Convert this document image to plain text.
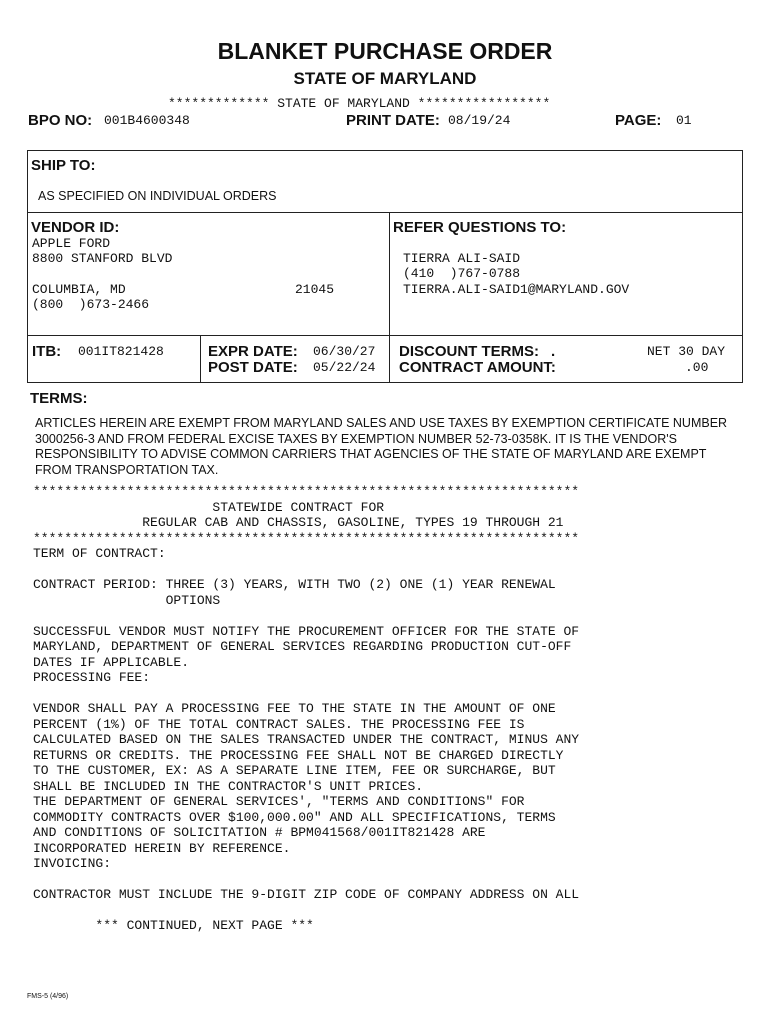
BLANKET PURCHASE ORDER
STATE OF MARYLAND
************* STATE OF MARYLAND *****************
BPO NO: 001B4600348	PRINT DATE: 08/19/24	PAGE: 01
SHIP TO:
AS SPECIFIED ON INDIVIDUAL ORDERS
VENDOR ID:
APPLE FORD
8800 STANFORD BLVD
COLUMBIA, MD	21045
(800  )673-2466
REFER QUESTIONS TO:
TIERRA ALI-SAID
(410  )767-0788
TIERRA.ALI-SAID1@MARYLAND.GOV
ITB: 001IT821428	EXPR DATE: 06/30/27
POST DATE: 05/22/24
DISCOUNT TERMS: .	NET 30 DAY
CONTRACT AMOUNT:	.00
TERMS:
ARTICLES HEREIN ARE EXEMPT FROM MARYLAND SALES AND USE TAXES BY EXEMPTION CERTIFICATE NUMBER 3000256-3 AND FROM FEDERAL EXCISE TAXES BY EXEMPTION NUMBER 52-73-0358K. IT IS THE VENDOR'S RESPONSIBILITY TO ADVISE COMMON CARRIERS THAT AGENCIES OF THE STATE OF MARYLAND ARE EXEMPT FROM TRANSPORTATION TAX.
**********************************************************************
STATEWIDE CONTRACT FOR
REGULAR CAB AND CHASSIS, GASOLINE, TYPES 19 THROUGH 21
**********************************************************************
TERM OF CONTRACT:
CONTRACT PERIOD: THREE (3) YEARS, WITH TWO (2) ONE (1) YEAR RENEWAL
OPTIONS
SUCCESSFUL VENDOR MUST NOTIFY THE PROCUREMENT OFFICER FOR THE STATE OF
MARYLAND, DEPARTMENT OF GENERAL SERVICES REGARDING PRODUCTION CUT-OFF
DATES IF APPLICABLE.
PROCESSING FEE:
VENDOR SHALL PAY A PROCESSING FEE TO THE STATE IN THE AMOUNT OF ONE
PERCENT (1%) OF THE TOTAL CONTRACT SALES. THE PROCESSING FEE IS
CALCULATED BASED ON THE SALES TRANSACTED UNDER THE CONTRACT, MINUS ANY
RETURNS OR CREDITS. THE PROCESSING FEE SHALL NOT BE CHARGED DIRECTLY
TO THE CUSTOMER, EX: AS A SEPARATE LINE ITEM, FEE OR SURCHARGE, BUT
SHALL BE INCLUDED IN THE CONTRACTOR'S UNIT PRICES.
THE DEPARTMENT OF GENERAL SERVICES', "TERMS AND CONDITIONS" FOR
COMMODITY CONTRACTS OVER $100,000.00" AND ALL SPECIFICATIONS, TERMS
AND CONDITIONS OF SOLICITATION # BPM041568/001IT821428 ARE
INCORPORATED HEREIN BY REFERENCE.
INVOICING:
CONTRACTOR MUST INCLUDE THE 9-DIGIT ZIP CODE OF COMPANY ADDRESS ON ALL
*** CONTINUED, NEXT PAGE ***
FMS-5 (4/96)
